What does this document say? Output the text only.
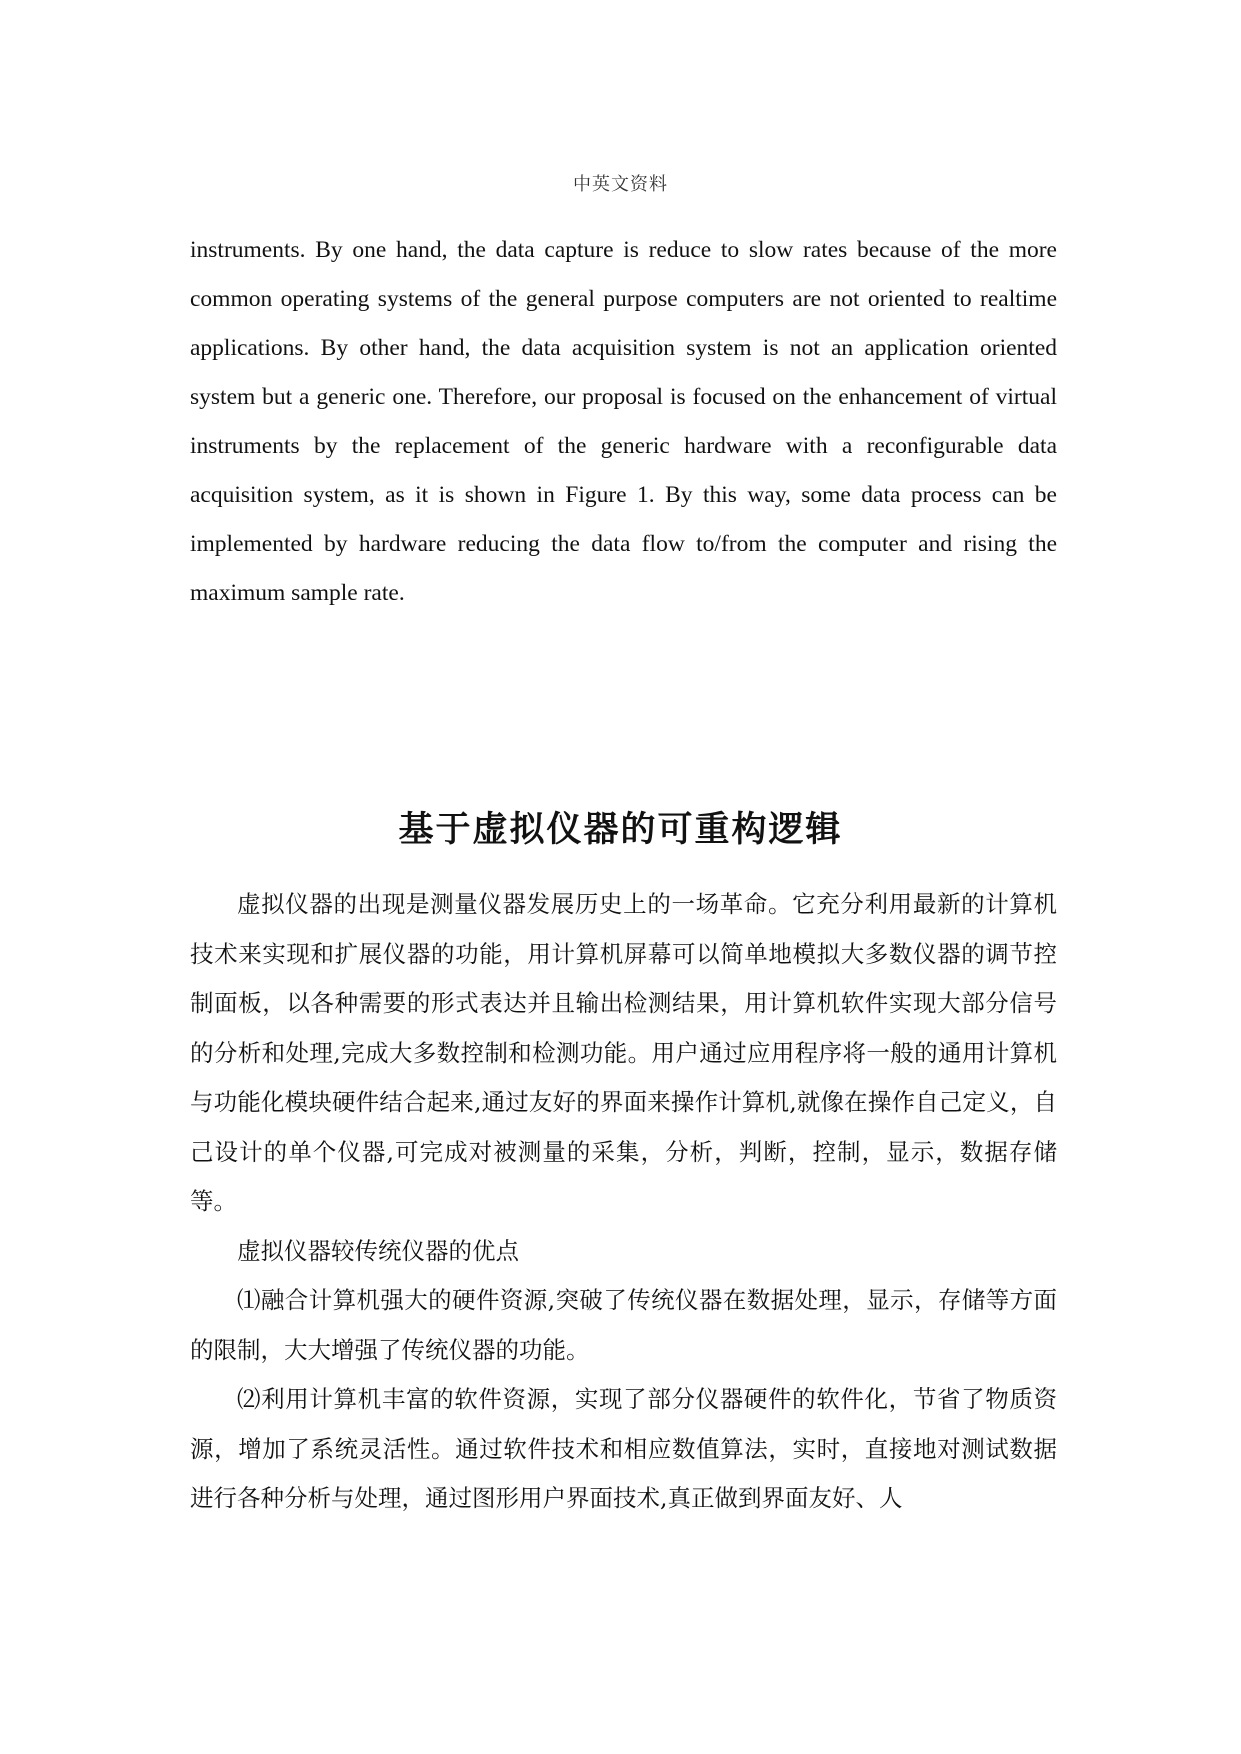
中英文资料

instruments. By one hand, the data capture is reduce to slow rates because of the more common operating systems of the general purpose computers are not oriented to realtime applications. By other hand, the data acquisition system is not an application oriented system but a generic one. Therefore, our proposal is focused on the enhancement of virtual instruments by the replacement of the generic hardware with a reconfigurable data acquisition system, as it is shown in Figure 1. By this way, some data process can be implemented by hardware reducing the data flow to/from the computer and rising the maximum sample rate.

基于虚拟仪器的可重构逻辑

虚拟仪器的出现是测量仪器发展历史上的一场革命。它充分利用最新的计算机技术来实现和扩展仪器的功能，用计算机屏幕可以简单地模拟大多数仪器的调节控制面板，以各种需要的形式表达并且输出检测结果，用计算机软件实现大部分信号的分析和处理,完成大多数控制和检测功能。用户通过应用程序将一般的通用计算机与功能化模块硬件结合起来,通过友好的界面来操作计算机,就像在操作自己定义，自己设计的单个仪器,可完成对被测量的采集，分析，判断，控制，显示，数据存储等。

虚拟仪器较传统仪器的优点

⑴融合计算机强大的硬件资源,突破了传统仪器在数据处理，显示，存储等方面的限制，大大增强了传统仪器的功能。

⑵利用计算机丰富的软件资源，实现了部分仪器硬件的软件化，节省了物质资源，增加了系统灵活性。通过软件技术和相应数值算法，实时，直接地对测试数据进行各种分析与处理，通过图形用户界面技术,真正做到界面友好、人
